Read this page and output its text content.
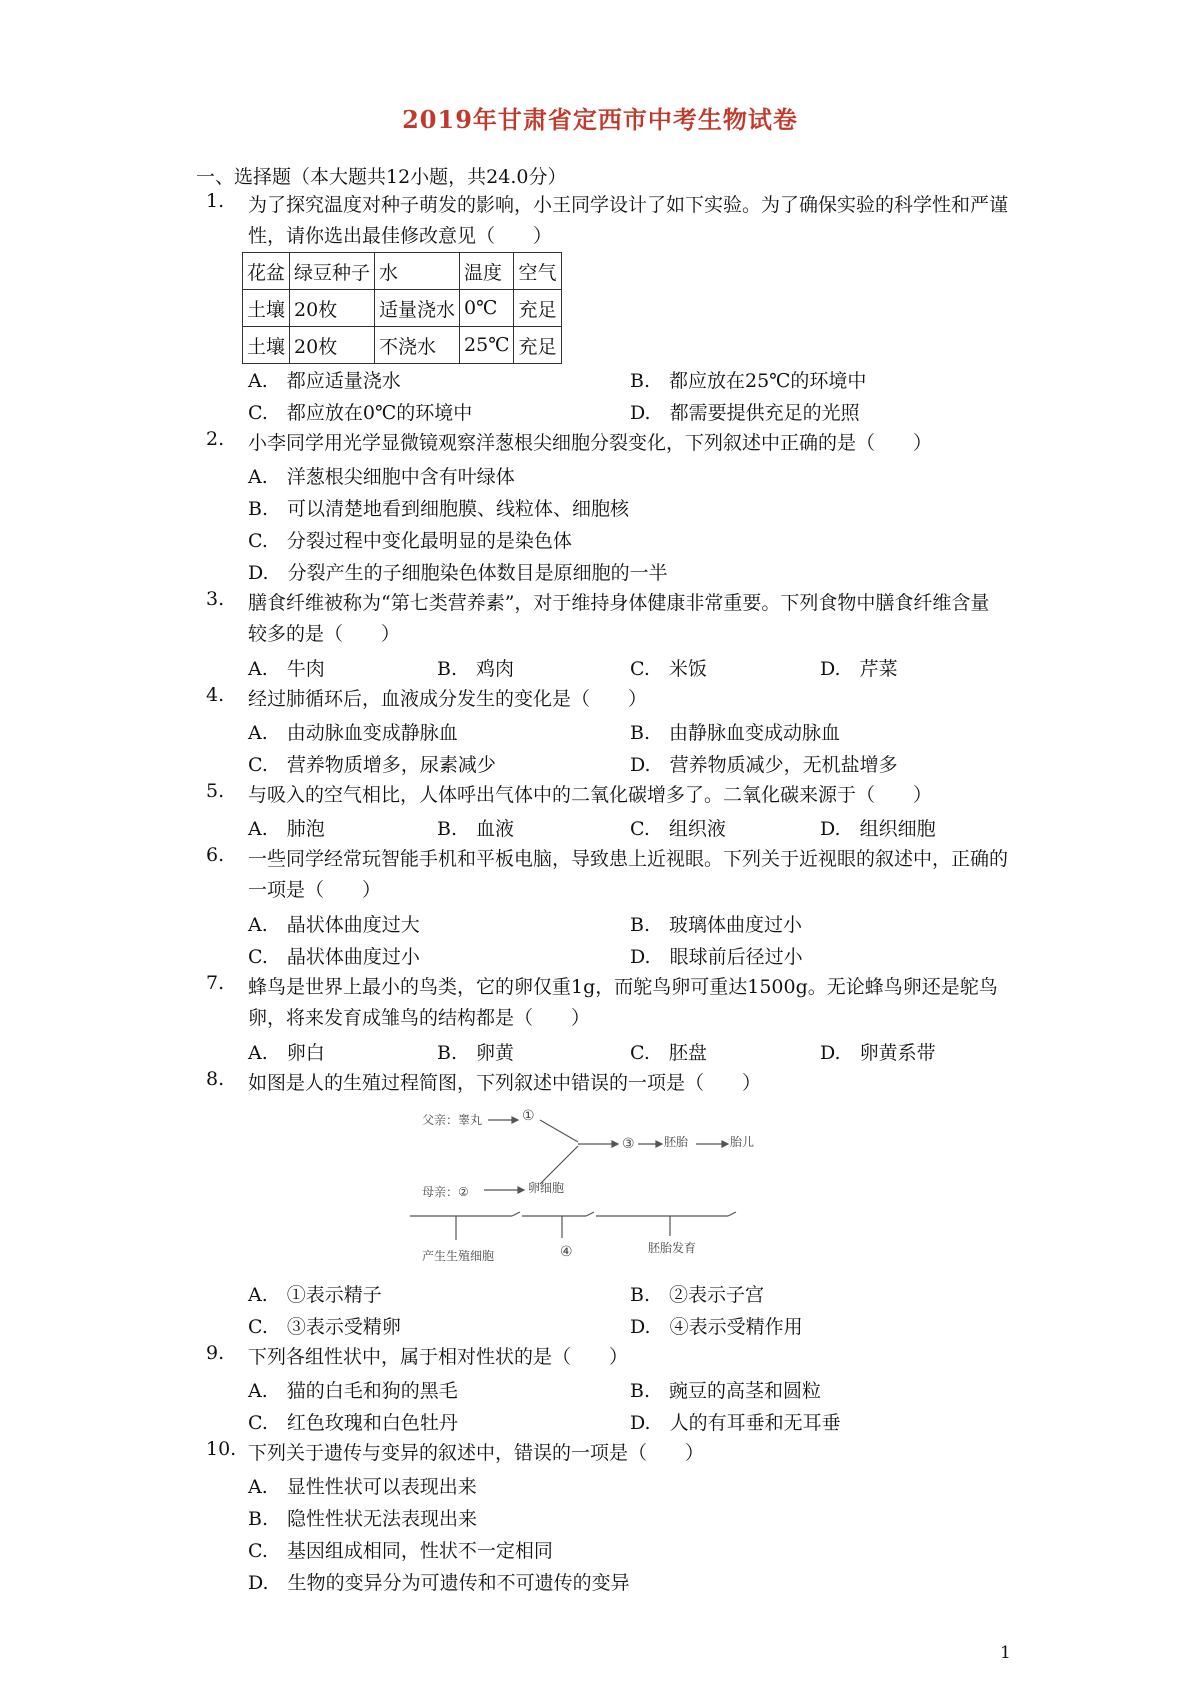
2019年甘肃省定西市中考生物试卷
一、选择题（本大题共12小题，共24.0分）
1.	为了探究温度对种子萌发的影响，小王同学设计了如下实验。为了确保实验的科学性和严谨性，请你选出最佳修改意见（　　）
花盆	绿豆种子	水	温度	空气
土壤	20枚	适量浇水	0℃	充足
土壤	20枚	不浇水	25℃	充足
A.　都应适量浇水	B.　都应放在25℃的环境中
C.　都应放在0℃的环境中	D.　都需要提供充足的光照
2.	小李同学用光学显微镜观察洋葱根尖细胞分裂变化，下列叙述中正确的是（　　）
A.　洋葱根尖细胞中含有叶绿体
B.　可以清楚地看到细胞膜、线粒体、细胞核
C.　分裂过程中变化最明显的是染色体
D.　分裂产生的子细胞染色体数目是原细胞的一半
3.	膳食纤维被称为“第七类营养素”，对于维持身体健康非常重要。下列食物中膳食纤维含量较多的是（　　）
A.　牛肉	B.　鸡肉	C.　米饭	D.　芹菜
4.	经过肺循环后，血液成分发生的变化是（　　）
A.　由动脉血变成静脉血	B.　由静脉血变成动脉血
C.　营养物质增多，尿素减少	D.　营养物质减少，无机盐增多
5.	与吸入的空气相比，人体呼出气体中的二氧化碳增多了。二氧化碳来源于（　　）
A.　肺泡	B.　血液	C.　组织液	D.　组织细胞
6.	一些同学经常玩智能手机和平板电脑，导致患上近视眼。下列关于近视眼的叙述中，正确的一项是（　　）
A.　晶状体曲度过大	B.　玻璃体曲度过小
C.　晶状体曲度过小	D.　眼球前后径过小
7.	蜂鸟是世界上最小的鸟类，它的卵仅重1g，而鸵鸟卵可重达1500g。无论蜂鸟卵还是鸵鸟卵，将来发育成雏鸟的结构都是（　　）
A.　卵白	B.　卵黄	C.　胚盘	D.　卵黄系带
8.	如图是人的生殖过程简图，下列叙述中错误的一项是（　　）
父亲：睾丸	①
③ 胚胎	胎儿
母亲：②	卵细胞
产生生殖细胞	④	胚胎发育
A.　①表示精子	B.　②表示子宫
C.　③表示受精卵	D.　④表示受精作用
9.	下列各组性状中，属于相对性状的是（　　）
A.　猫的白毛和狗的黑毛	B.　豌豆的高茎和圆粒
C.　红色玫瑰和白色牡丹	D.　人的有耳垂和无耳垂
10. 下列关于遗传与变异的叙述中，错误的一项是（　　）
A.　显性性状可以表现出来
B.　隐性性状无法表现出来
C.　基因组成相同，性状不一定相同
D.　生物的变异分为可遗传和不可遗传的变异
1
